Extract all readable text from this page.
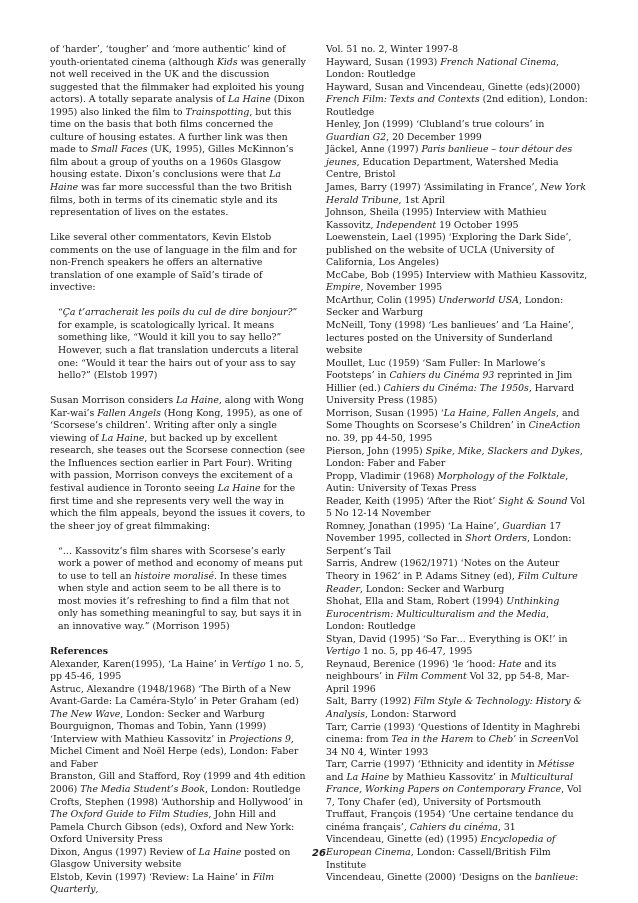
of ‘harder’, ‘tougher’ and ‘more authentic’ kind of youth-orientated cinema (although Kids was generally not well received in the UK and the discussion suggested that the filmmaker had exploited his young actors). A totally separate analysis of La Haine (Dixon 1995) also linked the film to Trainspotting, but this time on the basis that both films concerned the culture of housing estates. A further link was then made to Small Faces (UK, 1995), Gilles McKinnon’s film about a group of youths on a 1960s Glasgow housing estate. Dixon’s conclusions were that La Haine was far more successful than the two British films, both in terms of its cinematic style and its representation of lives on the estates.

Like several other commentators, Kevin Elstob comments on the use of language in the film and for non-French speakers he offers an alternative translation of one example of Saïd’s tirade of invective:

“Ça t’arracherait les poils du cul de dire bonjour?” for example, is scatologically lyrical. It means something like, “Would it kill you to say hello?” However, such a flat translation undercuts a literal one: “Would it tear the hairs out of your ass to say hello?” (Elstob 1997)

Susan Morrison considers La Haine, along with Wong Kar-wai’s Fallen Angels (Hong Kong, 1995), as one of ‘Scorsese’s children’. Writing after only a single viewing of La Haine, but backed up by excellent research, she teases out the Scorsese connection (see the Influences section earlier in Part Four). Writing with passion, Morrison conveys the excitement of a festival audience in Toronto seeing La Haine for the first time and she represents very well the way in which the film appeals, beyond the issues it covers, to the sheer joy of great filmmaking:

“… Kassovitz’s film shares with Scorsese’s early work a power of method and economy of means put to use to tell an histoire moralisé. In these times when style and action seem to be all there is to most movies it’s refreshing to find a film that not only has something meaningful to say, but says it in an innovative way.” (Morrison 1995)

References

Alexander, Karen(1995), ‘La Haine’ in Vertigo 1 no. 5, pp 45-46, 1995

Astruc, Alexandre (1948/1968) ‘The Birth of a New Avant-Garde: La Caméra-Stylo’ in Peter Graham (ed) The New Wave, London: Secker and Warburg

Bourguignon, Thomas and Tobin, Yann (1999) ‘Interview with Mathieu Kassovitz’ in Projections 9, Michel Ciment and Noël Herpe (eds), London: Faber and Faber

Branston, Gill and Stafford, Roy (1999 and 4th edition 2006) The Media Student’s Book, London: Routledge

Crofts, Stephen (1998) ‘Authorship and Hollywood’ in The Oxford Guide to Film Studies, John Hill and Pamela Church Gibson (eds), Oxford and New York: Oxford University Press

Dixon, Angus (1997) Review of La Haine posted on Glasgow University website

Elstob, Kevin (1997) ‘Review: La Haine’ in Film Quarterly,

Vol. 51 no. 2, Winter 1997-8

Hayward, Susan (1993) French National Cinema, London: Routledge

Hayward, Susan and Vincendeau, Ginette (eds)(2000) French Film: Texts and Contexts (2nd edition), London: Routledge

Henley, Jon (1999) ‘Clubland’s true colours’ in Guardian G2, 20 December 1999

Jäckel, Anne (1997) Paris banlieue – tour détour des jeunes, Education Department, Watershed Media Centre, Bristol

James, Barry (1997) ‘Assimilating in France’, New York Herald Tribune, 1st April

Johnson, Sheila (1995) Interview with Mathieu Kassovitz, Independent 19 October 1995

Loewenstein, Lael (1995) ‘Exploring the Dark Side’, published on the website of UCLA (University of California, Los Angeles)

McCabe, Bob (1995) Interview with Mathieu Kassovitz, Empire, November 1995

McArthur, Colin (1995) Underworld USA, London: Secker and Warburg

McNeill, Tony (1998) ‘Les banlieues’ and ‘La Haine’, lectures posted on the University of Sunderland website

Moullet, Luc (1959) ‘Sam Fuller: In Marlowe’s Footsteps’ in Cahiers du Cinéma 93 reprinted in Jim Hillier (ed.) Cahiers du Cinéma: The 1950s, Harvard University Press (1985)

Morrison, Susan (1995) ‘La Haine, Fallen Angels, and Some Thoughts on Scorsese’s Children’ in CineAction no. 39, pp 44-50, 1995

Pierson, John (1995) Spike, Mike, Slackers and Dykes, London: Faber and Faber

Propp, Vladimir (1968) Morphology of the Folktale, Autin: University of Texas Press

Reader, Keith (1995) ‘After the Riot’ Sight & Sound Vol 5 No 12-14 November

Romney, Jonathan (1995) ‘La Haine’, Guardian 17 November 1995, collected in Short Orders, London: Serpent’s Tail

Sarris, Andrew (1962/1971) ‘Notes on the Auteur Theory in 1962’ in P. Adams Sitney (ed), Film Culture Reader, London: Secker and Warburg

Shohat, Ella and Stam, Robert (1994) Unthinking Eurocentrism: Multiculturalism and the Media, London: Routledge

Styan, David (1995) ‘So Far… Everything is OK!’ in Vertigo 1 no. 5, pp 46-47, 1995

Reynaud, Berenice (1996) ‘le ‘hood: Hate and its neighbours’ in Film Comment Vol 32, pp 54-8, Mar-April 1996

Salt, Barry (1992) Film Style & Technology: History & Analysis, London: Starword

Tarr, Carrie (1993) ‘Questions of Identity in Maghrebi cinema: from Tea in the Harem to Cheb’ in ScreenVol 34 N0 4, Winter 1993

Tarr, Carrie (1997) ‘Ethnicity and identity in Métisse and La Haine by Mathieu Kassovitz’ in Multicultural France, Working Papers on Contemporary France, Vol 7, Tony Chafer (ed), University of Portsmouth

Truffaut, François (1954) ‘Une certaine tendance du cinéma français’, Cahiers du cinéma, 31

Vincendeau, Ginette (ed) (1995) Encyclopedia of European Cinema, London: Cassell/British Film Institute

Vincendeau, Ginette (2000) ‘Designs on the banlieue:

26
